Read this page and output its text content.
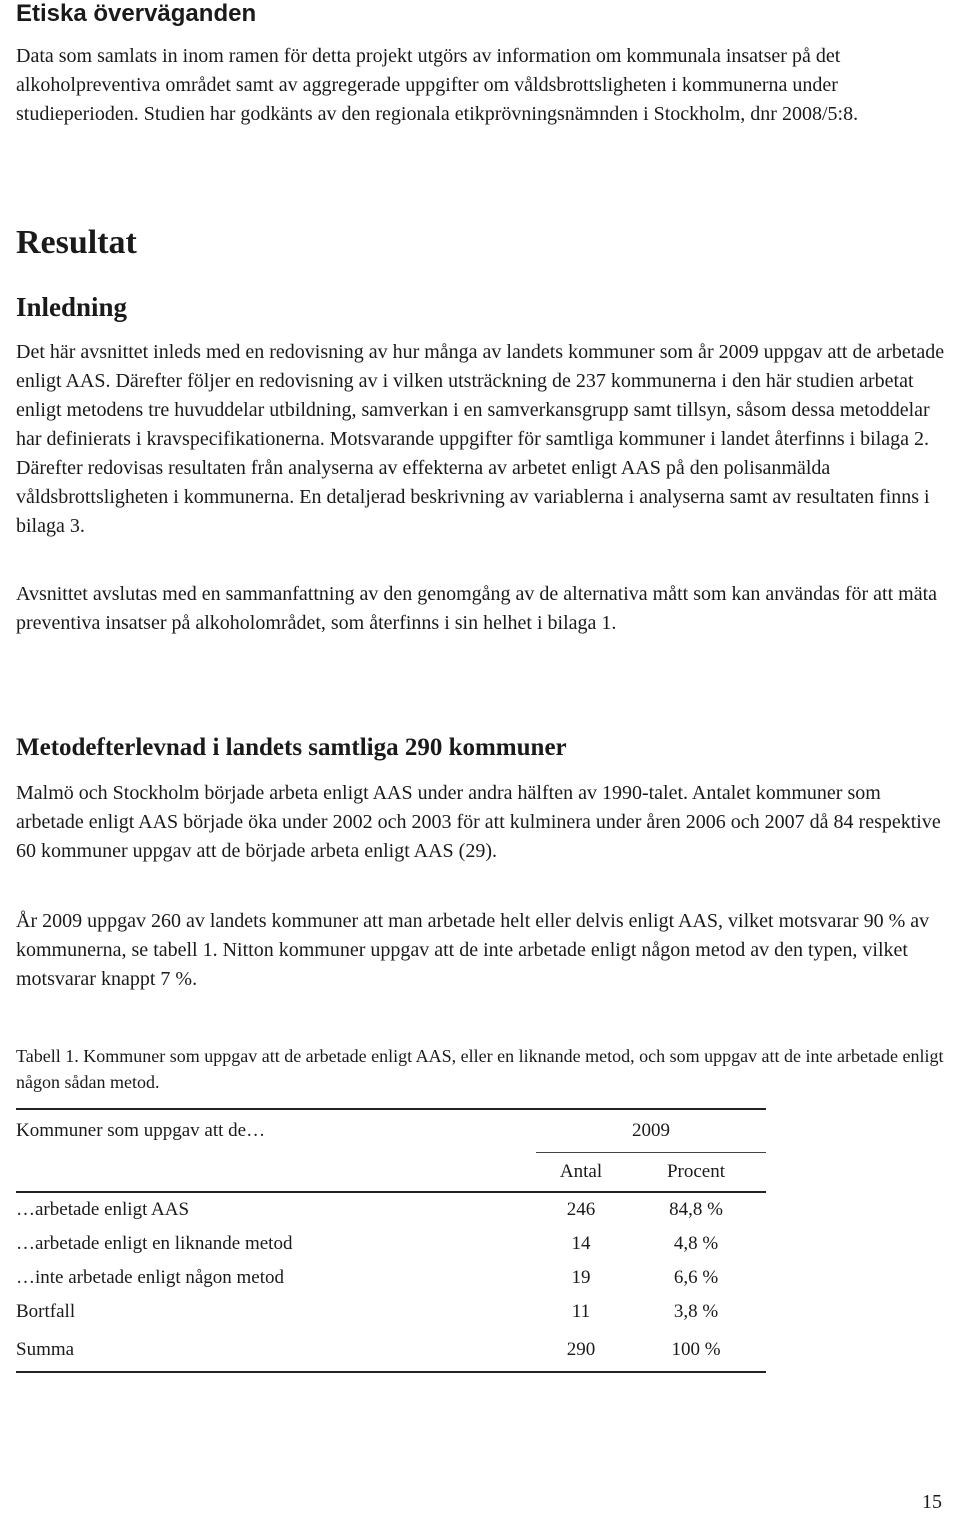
Etiska överväganden

Data som samlats in inom ramen för detta projekt utgörs av information om kommunala insatser på det alkoholpreventiva området samt av aggregerade uppgifter om våldsbrottsligheten i kommunerna under studieperioden. Studien har godkänts av den regionala etikprövningsnämnden i Stockholm, dnr 2008/5:8.

Resultat
Inledning

Det här avsnittet inleds med en redovisning av hur många av landets kommuner som år 2009 uppgav att de arbetade enligt AAS. Därefter följer en redovisning av i vilken utsträckning de 237 kommunerna i den här studien arbetat enligt metodens tre huvuddelar utbildning, samverkan i en samverkansgrupp samt tillsyn, såsom dessa metoddelar har definierats i kravspecifikationerna. Motsvarande uppgifter för samtliga kommuner i landet återfinns i bilaga 2. Därefter redovisas resultaten från analyserna av effekterna av arbetet enligt AAS på den polisanmälda våldsbrottsligheten i kommunerna. En detaljerad beskrivning av variablerna i analyserna samt av resultaten finns i bilaga 3.

Avsnittet avslutas med en sammanfattning av den genomgång av de alternativa mått som kan användas för att mäta preventiva insatser på alkoholområdet, som återfinns i sin helhet i bilaga 1.

Metodefterlevnad i landets samtliga 290 kommuner

Malmö och Stockholm började arbeta enligt AAS under andra hälften av 1990-talet. Antalet kommuner som arbetade enligt AAS började öka under 2002 och 2003 för att kulminera under åren 2006 och 2007 då 84 respektive 60 kommuner uppgav att de började arbeta enligt AAS (29).

År 2009 uppgav 260 av landets kommuner att man arbetade helt eller delvis enligt AAS, vilket motsvarar 90 % av kommunerna, se tabell 1. Nitton kommuner uppgav att de inte arbetade enligt någon metod av den typen, vilket motsvarar knappt 7 %.

Tabell 1. Kommuner som uppgav att de arbetade enligt AAS, eller en liknande metod, och som uppgav att de inte arbetade enligt någon sådan metod.

Kommuner som uppgav att de…	2009	
	Antal	Procent
…arbetade enligt AAS	246	84,8 %
…arbetade enligt en liknande metod	14	4,8 %
…inte arbetade enligt någon metod	19	6,6 %
Bortfall	11	3,8 %
Summa	290	100 %
15
